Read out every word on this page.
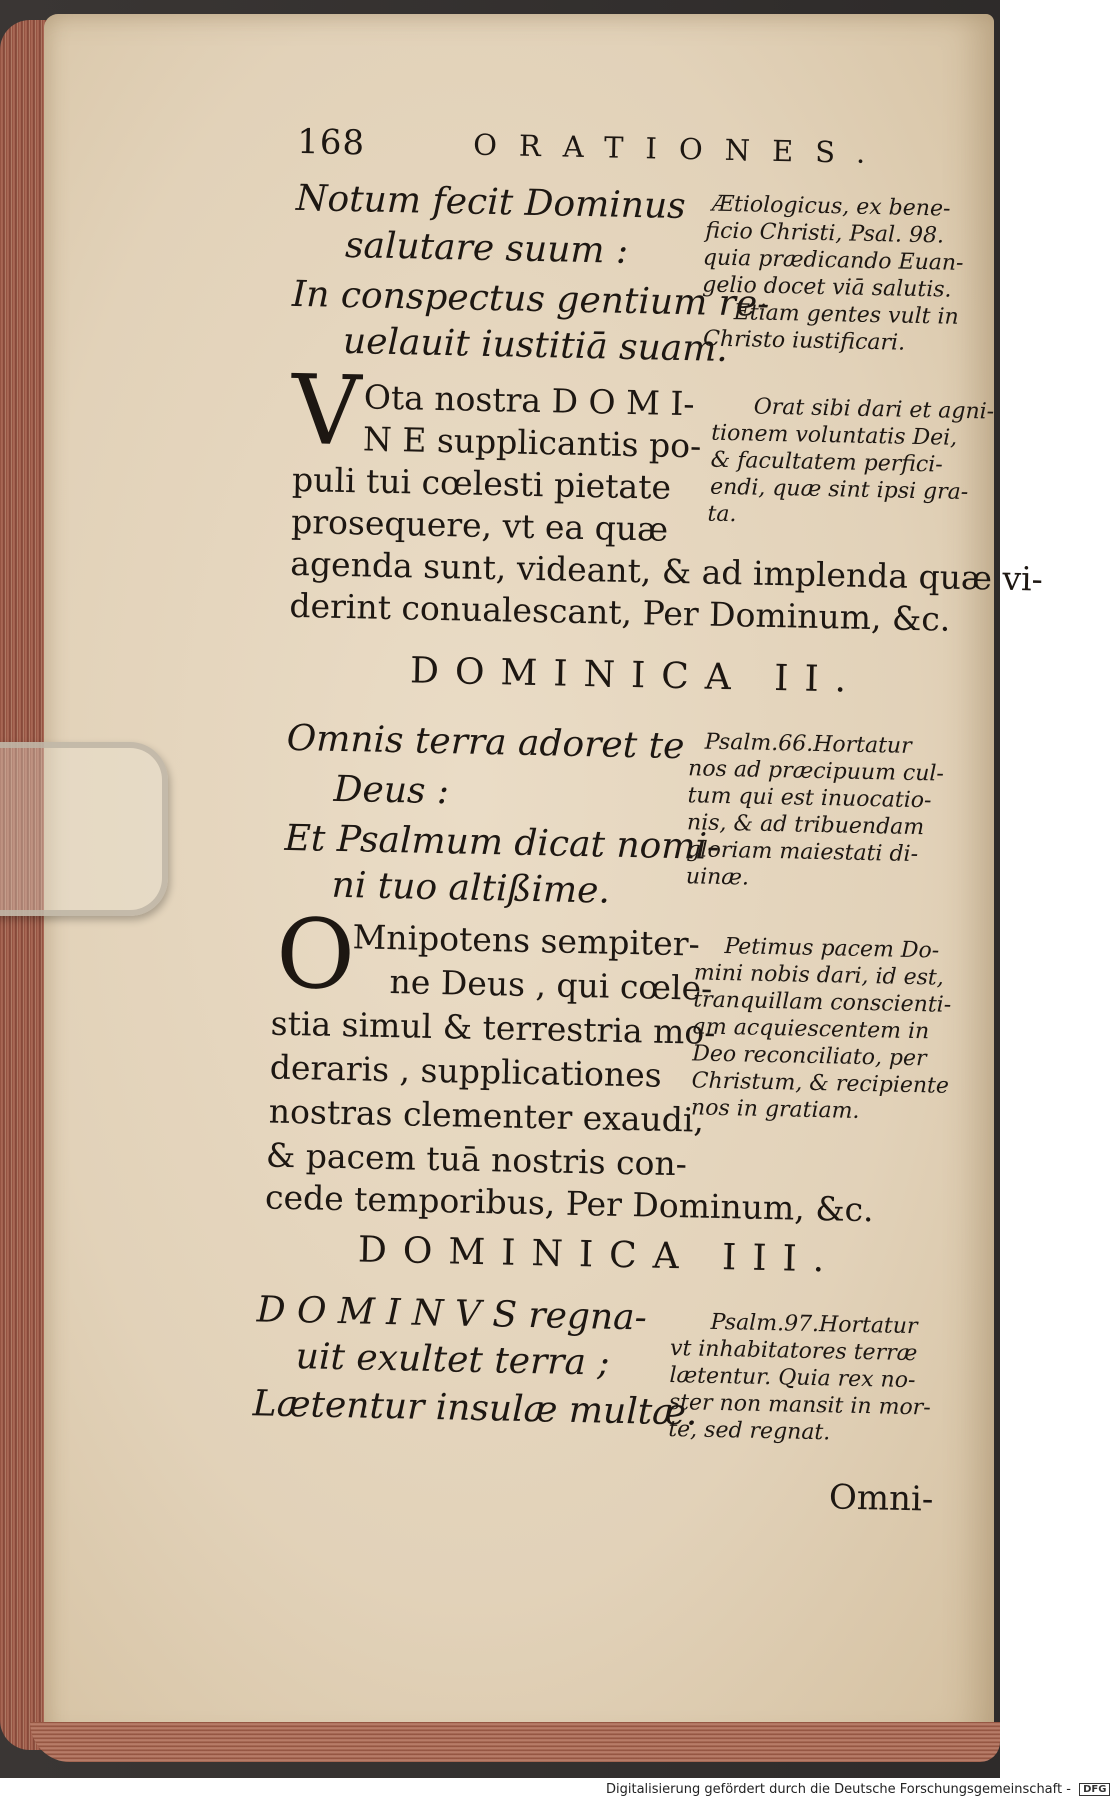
168	ORATIONES.
Notum fecit Dominus
salutare suum :
In conspectus gentium re-
uelauit iustitiā suam.
Ætiologicus, ex bene-
ficio Christi, Psal. 98.
quia prædicando Euan-
gelio docet viā salutis.
Etiam gentes vult in
Christo iustificari.
V Ota nostra D O M I-
N E supplicantis po-
puli tui cœlesti pietate
prosequere, vt ea quæ
agenda sunt, videant, & ad implenda quæ vi-
derint conualescant, Per Dominum, &c.
Orat sibi dari et agni-
tionem voluntatis Dei,
& facultatem perfici-
endi, quæ sint ipsi gra-
ta.
DOMINICA II.
Omnis terra adoret te
Deus :
Et Psalmum dicat nomi-
ni tuo altißime.
Psalm.66.Hortatur
nos ad præcipuum cul-
tum qui est inuocatio-
nis, & ad tribuendam
gloriam maiestati di-
uinæ.
O
Mnipotens sempiter-
ne Deus , qui cœle-
stia simul & terrestria mo-
deraris , supplicationes
nostras clementer exaudi,
& pacem tuā nostris con-
cede temporibus, Per Dominum, &c.
Petimus pacem Do-
mini nobis dari, id est,
tranquillam conscienti-
am acquiescentem in
Deo reconciliato, per
Christum, & recipiente
nos in gratiam.
DOMINICA III.
D O M I N V S regna-
uit exultet terra ;
Lætentur insulæ multæ.
Psalm.97.Hortatur
vt inhabitatores terræ
lætentur. Quia rex no-
ster non mansit in mor-
te, sed regnat.
Omni-
Digitalisierung gefördert durch die Deutsche Forschungsgemeinschaft - DFG
